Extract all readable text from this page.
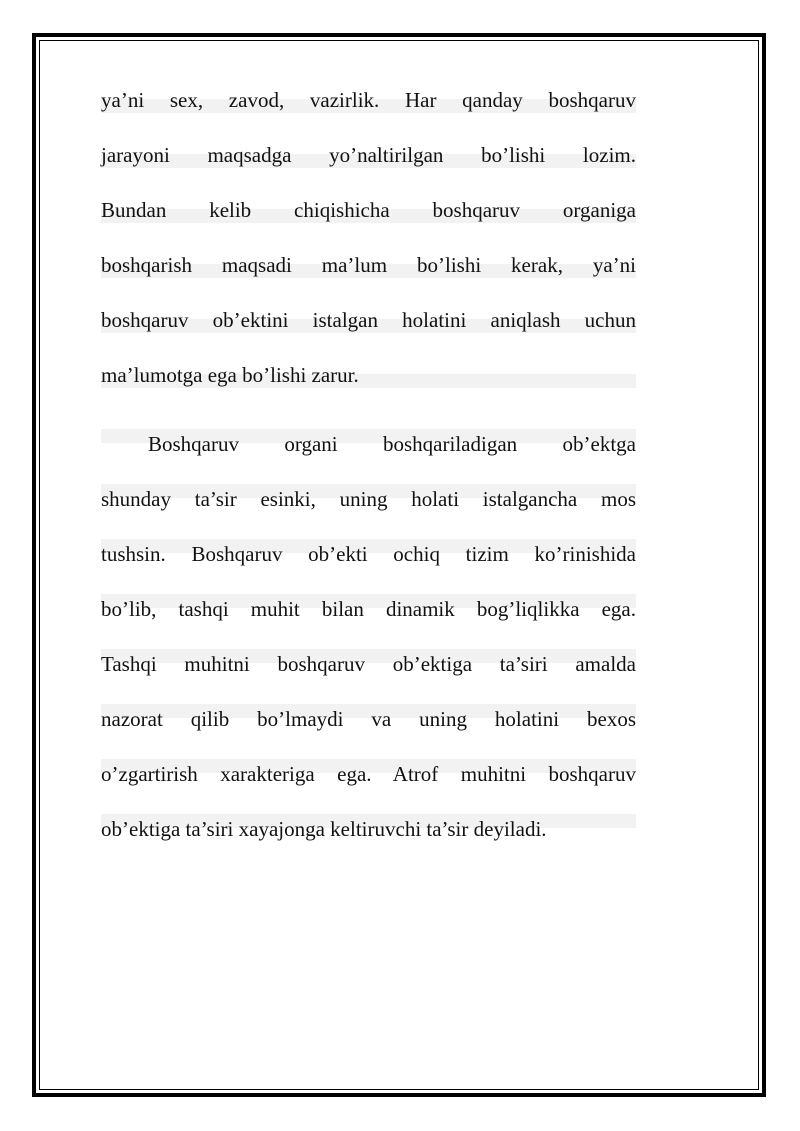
ya’ni sex, zavod, vazirlik. Har qanday boshqaruv
jarayoni maqsadga yo’naltirilgan bo’lishi lozim.
Bundan kelib chiqishicha boshqaruv organiga
boshqarish maqsadi ma’lum bo’lishi kerak, ya’ni
boshqaruv ob’ektini istalgan holatini aniqlash uchun
ma’lumotga ega bo’lishi zarur.
Boshqaruv organi boshqariladigan ob’ektga
shunday ta’sir esinki, uning holati istalgancha mos
tushsin. Boshqaruv ob’ekti ochiq tizim ko’rinishida
bo’lib, tashqi muhit bilan dinamik bog’liqlikka ega.
Tashqi muhitni boshqaruv ob’ektiga ta’siri amalda
nazorat qilib bo’lmaydi va uning holatini bexos
o’zgartirish xarakteriga ega. Atrof muhitni boshqaruv
ob’ektiga ta’siri xayajonga keltiruvchi ta’sir deyiladi.
